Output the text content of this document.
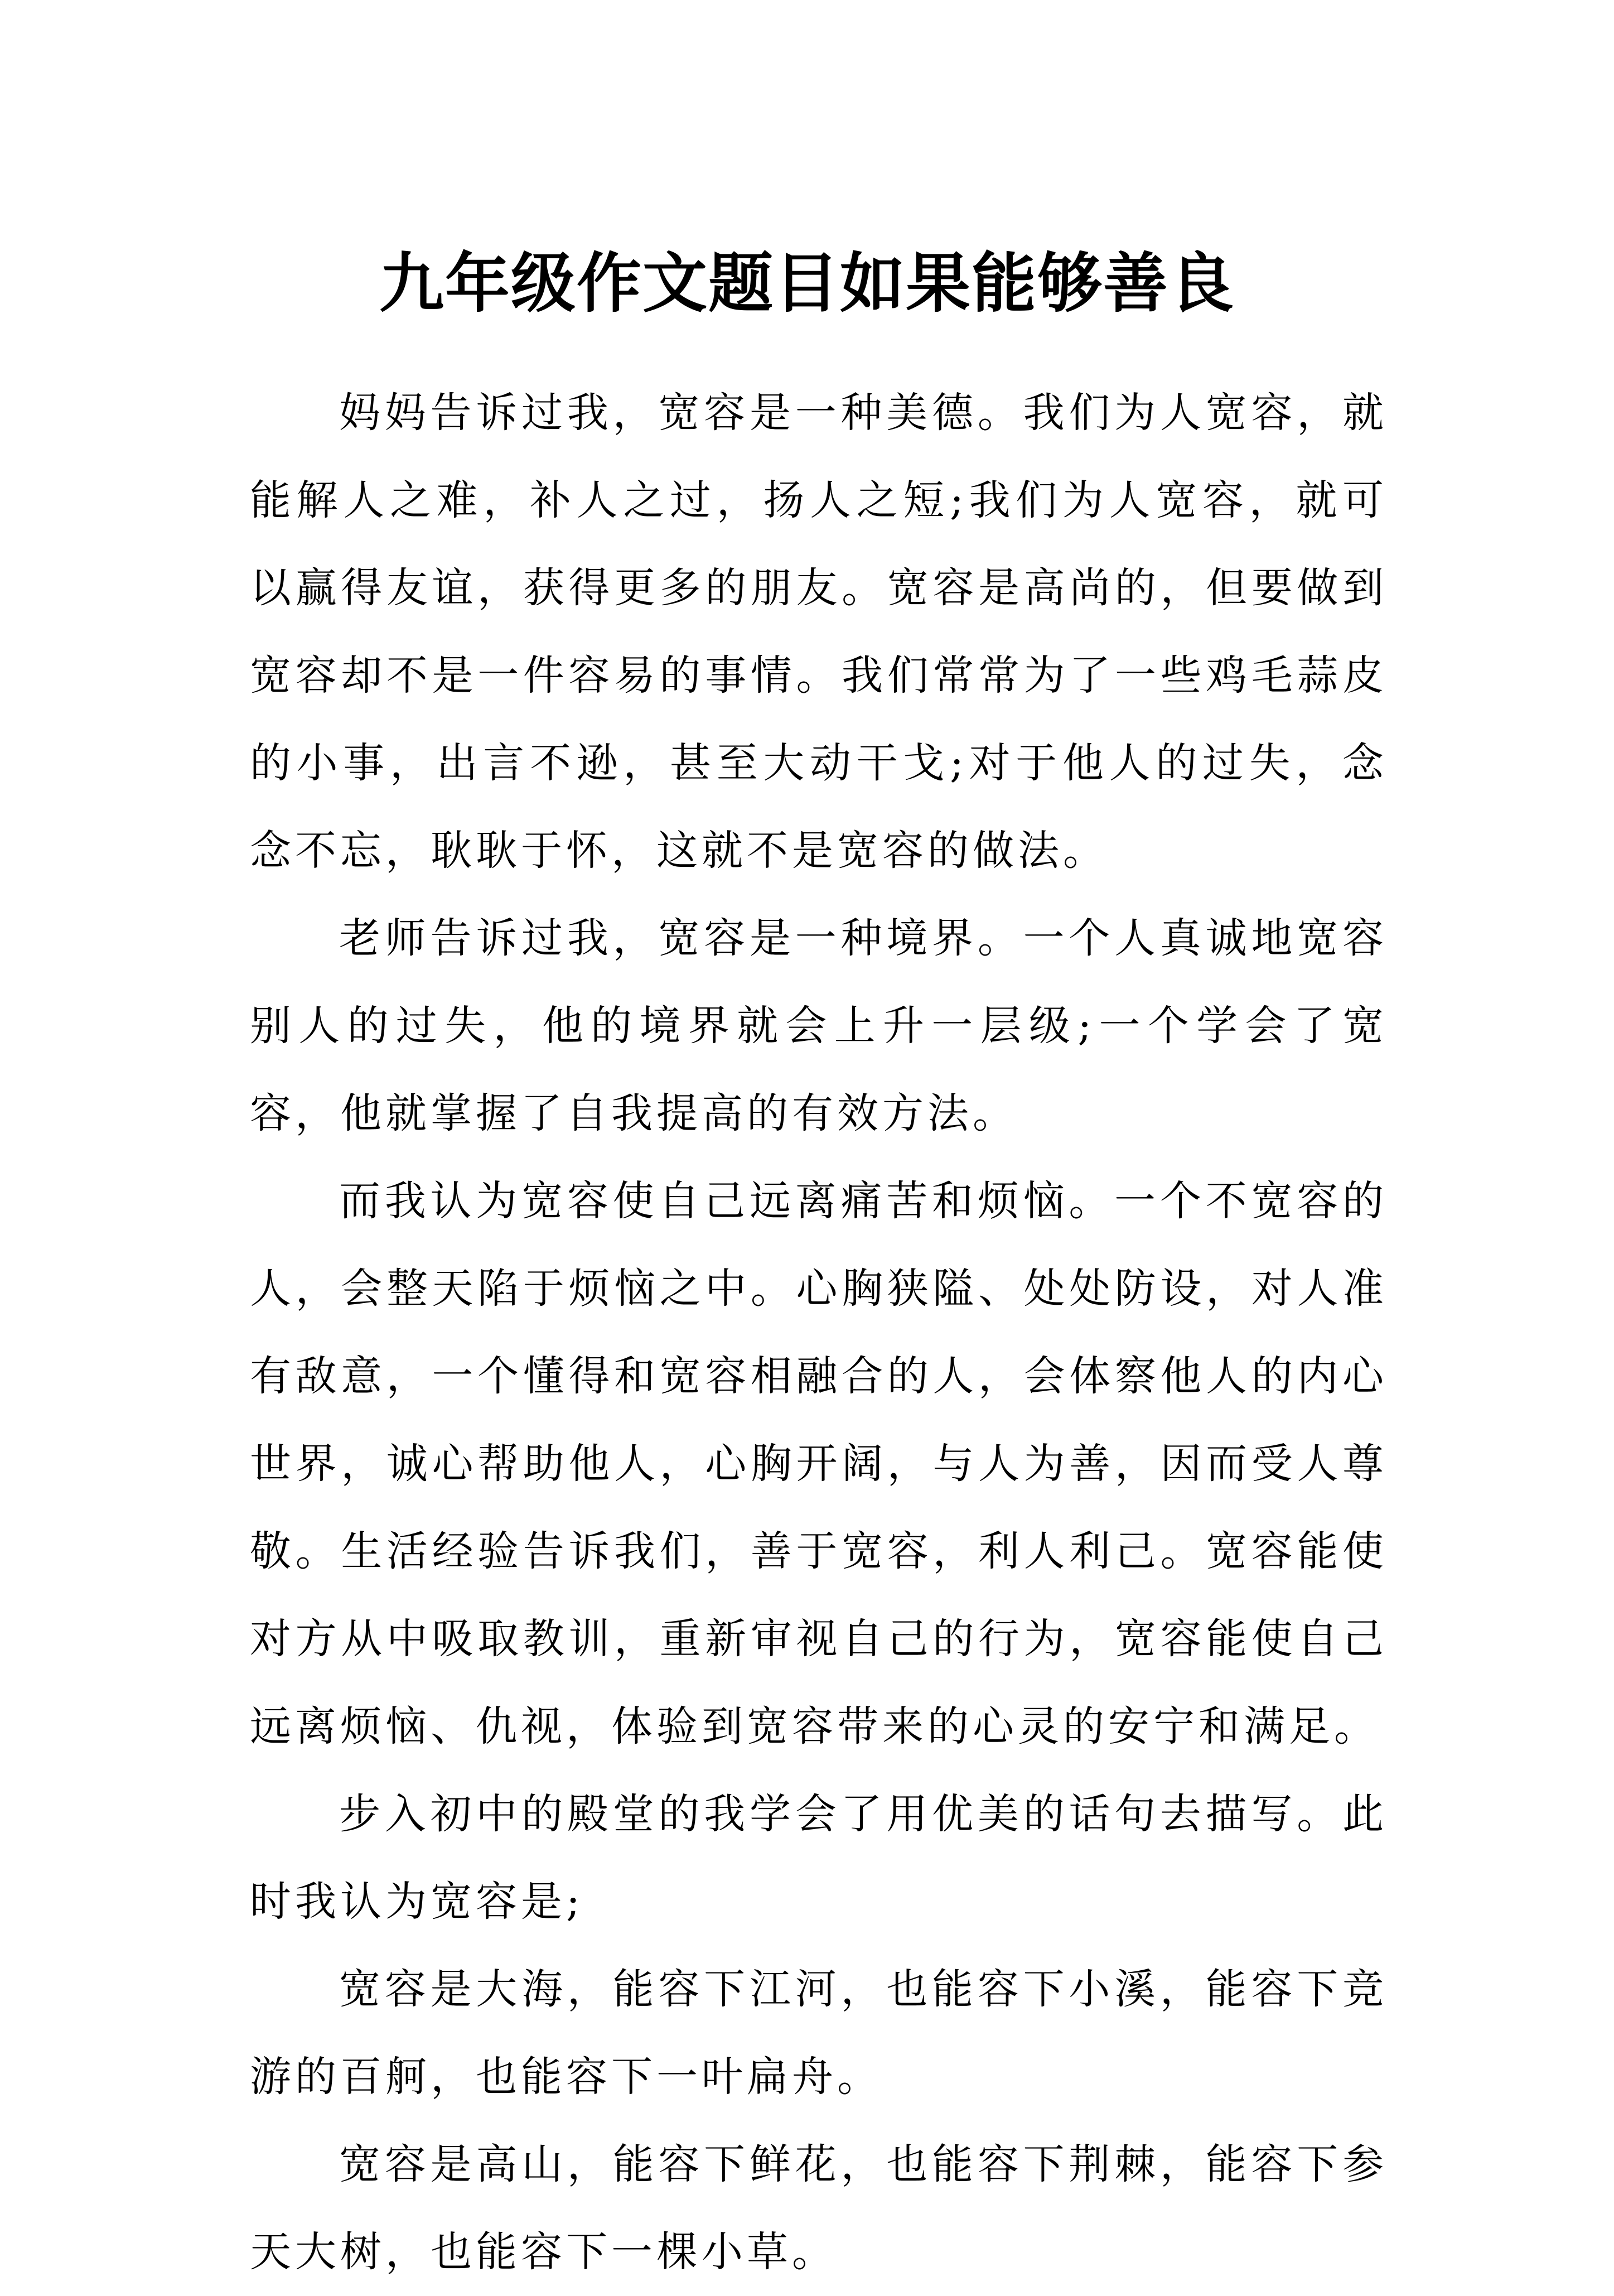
九年级作文题目如果能够善良

妈妈告诉过我，宽容是一种美德。我们为人宽容，就能解人之难，补人之过，扬人之短;我们为人宽容，就可以赢得友谊，获得更多的朋友。宽容是高尚的，但要做到宽容却不是一件容易的事情。我们常常为了一些鸡毛蒜皮的小事，出言不逊，甚至大动干戈;对于他人的过失，念念不忘，耿耿于怀，这就不是宽容的做法。

老师告诉过我，宽容是一种境界。一个人真诚地宽容别人的过失，他的境界就会上升一层级;一个学会了宽容，他就掌握了自我提高的有效方法。

而我认为宽容使自己远离痛苦和烦恼。一个不宽容的人，会整天陷于烦恼之中。心胸狭隘、处处防设，对人准有敌意，一个懂得和宽容相融合的人，会体察他人的内心世界，诚心帮助他人，心胸开阔，与人为善，因而受人尊敬。生活经验告诉我们，善于宽容，利人利己。宽容能使对方从中吸取教训，重新审视自己的行为，宽容能使自己远离烦恼、仇视，体验到宽容带来的心灵的安宁和满足。

步入初中的殿堂的我学会了用优美的话句去描写。此时我认为宽容是;

宽容是大海，能容下江河，也能容下小溪，能容下竞游的百舸，也能容下一叶扁舟。

宽容是高山，能容下鲜花，也能容下荆棘，能容下参天大树，也能容下一棵小草。
